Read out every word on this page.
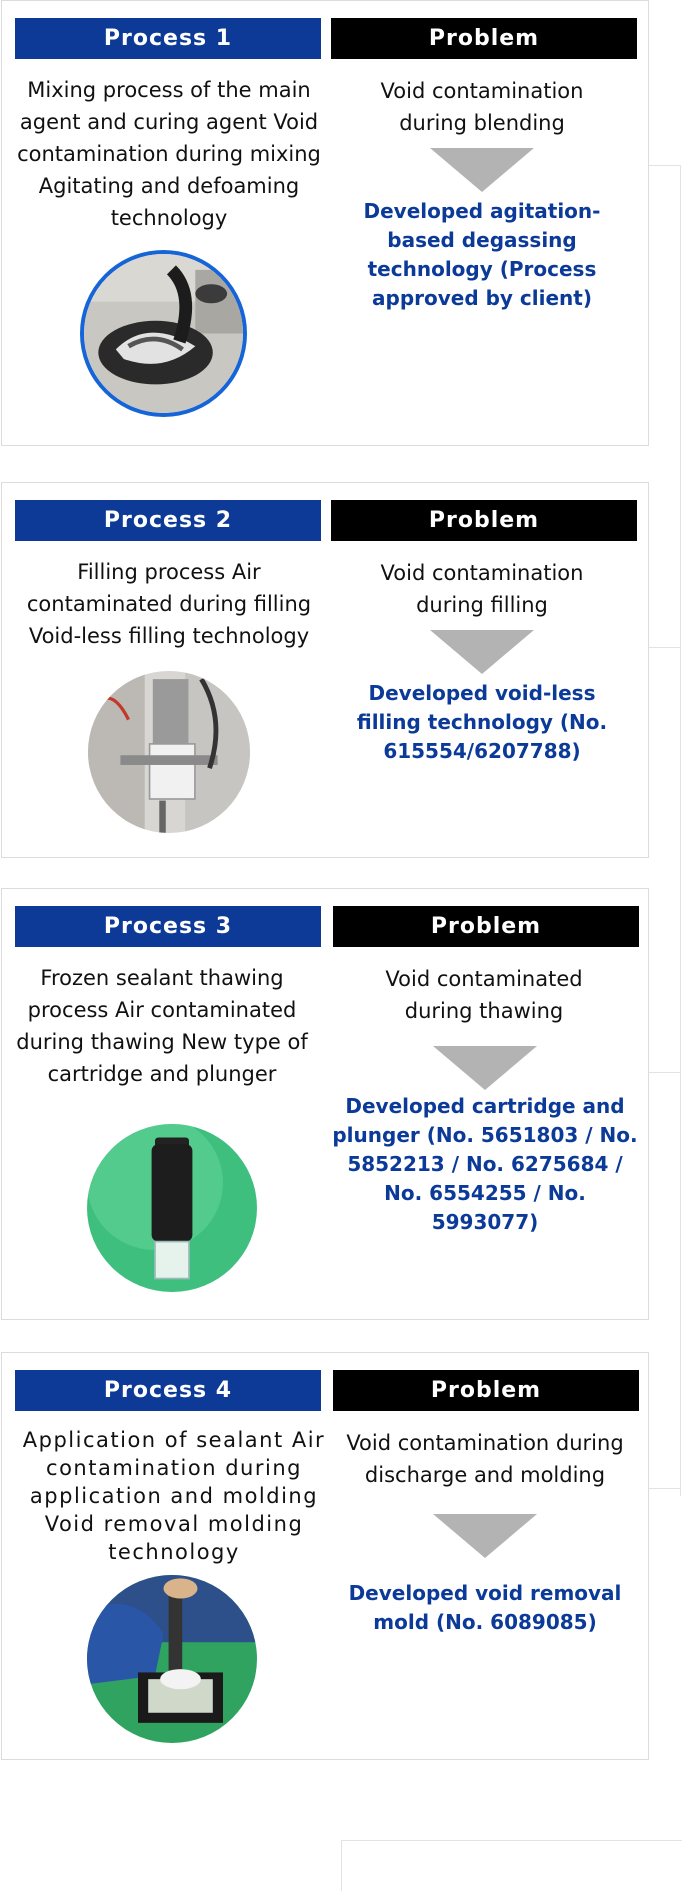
Process 1	Problem
Mixing process of the main agent and curing agent Void contamination during mixing Agitating and defoaming technology
Void contamination during blending
Developed agitation-based degassing technology (Process approved by client)
Process 2	Problem
Filling process Air contaminated during filling Void-less filling technology
Void contamination during filling
Developed void-less filling technology (No. 615554/6207788)
Process 3	Problem
Frozen sealant thawing process Air contaminated during thawing New type of cartridge and plunger
Void contaminated during thawing
Developed cartridge and plunger (No. 5651803 / No. 5852213 / No. 6275684 / No. 6554255 / No. 5993077)
Process 4	Problem
Application of sealant Air contamination during application and molding Void removal molding technology
Void contamination during discharge and molding
Developed void removal mold (No. 6089085)
